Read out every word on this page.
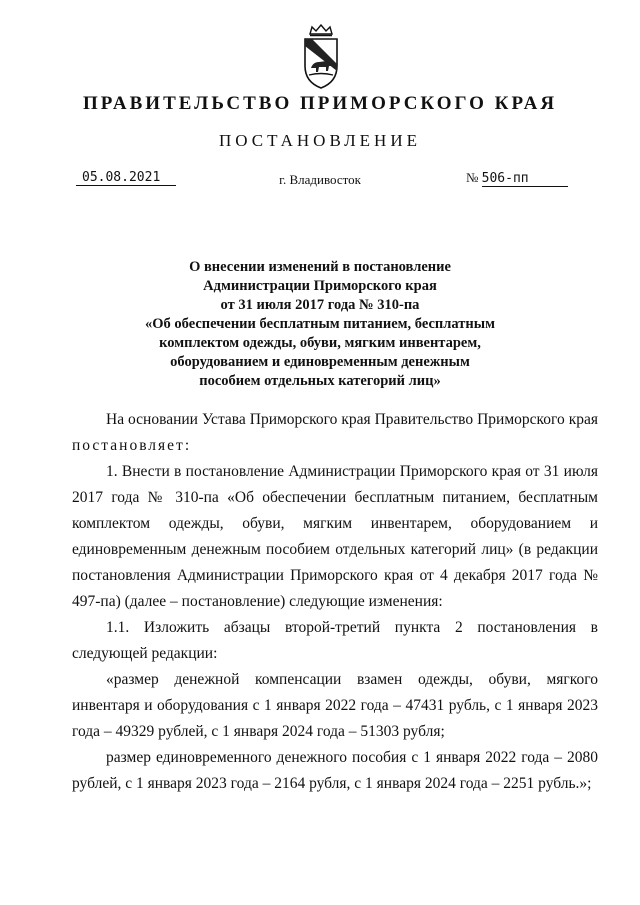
ПРАВИТЕЛЬСТВО ПРИМОРСКОГО КРАЯ
ПОСТАНОВЛЕНИЕ
05.08.2021	г. Владивосток	№ 506-пп
О внесении изменений в постановление
Администрации Приморского края
от 31 июля 2017 года № 310-па
«Об обеспечении бесплатным питанием, бесплатным
комплектом одежды, обуви, мягким инвентарем,
оборудованием и единовременным денежным
пособием отдельных категорий лиц»

На основании Устава Приморского края Правительство Приморского края постановляет:

1. Внести в постановление Администрации Приморского края от 31 июля 2017 года № 310-па «Об обеспечении бесплатным питанием, бесплатным комплектом одежды, обуви, мягким инвентарем, оборудованием и единовременным денежным пособием отдельных категорий лиц» (в редакции постановления Администрации Приморского края от 4 декабря 2017 года № 497-па) (далее – постановление) следующие изменения:

1.1. Изложить абзацы второй-третий пункта 2 постановления в следующей редакции:

«размер денежной компенсации взамен одежды, обуви, мягкого инвентаря и оборудования с 1 января 2022 года – 47431 рубль, с 1 января 2023 года – 49329 рублей, с 1 января 2024 года – 51303 рубля;

размер единовременного денежного пособия с 1 января 2022 года – 2080 рублей, с 1 января 2023 года – 2164 рубля, с 1 января 2024 года – 2251 рубль.»;
